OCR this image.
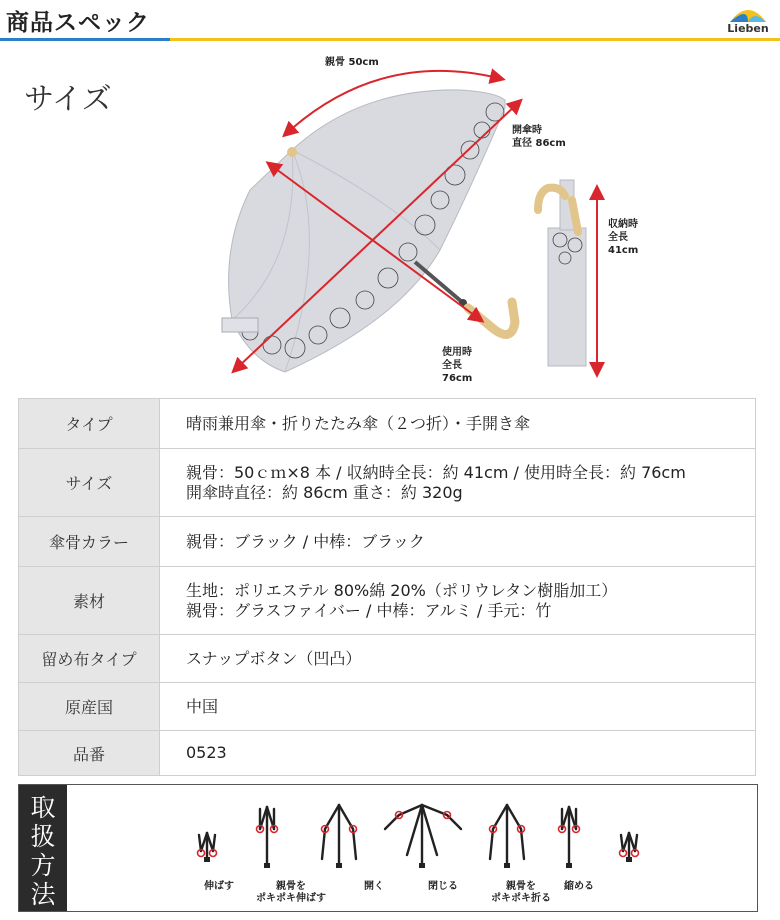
商品スペック	Lieben
サイズ
親骨 50cm
開傘時
直径 86cm
収納時
全長
41cm
使用時
全長
76cm
タイプ	晴雨兼用傘・折りたたみ傘（２つ折）・手開き傘
サイズ	親骨：50ｃｍ×8 本 / 収納時全長：約 41cm / 使用時全長：約 76cm
開傘時直径：約 86cm 重さ：約 320g
傘骨カラー	親骨：ブラック / 中棒：ブラック
素材	生地：ポリエステル 80%綿 20%（ポリウレタン樹脂加工）
親骨：グラスファイバー / 中棒：アルミ / 手元：竹
留め布タイプ	スナップボタン（凹凸）
原産国	中国
品番	0523
取
扱
方
法	伸ばす	親骨を
ポキポキ伸ばす
開く	閉じる	親骨を
ポキポキ折る
縮める
